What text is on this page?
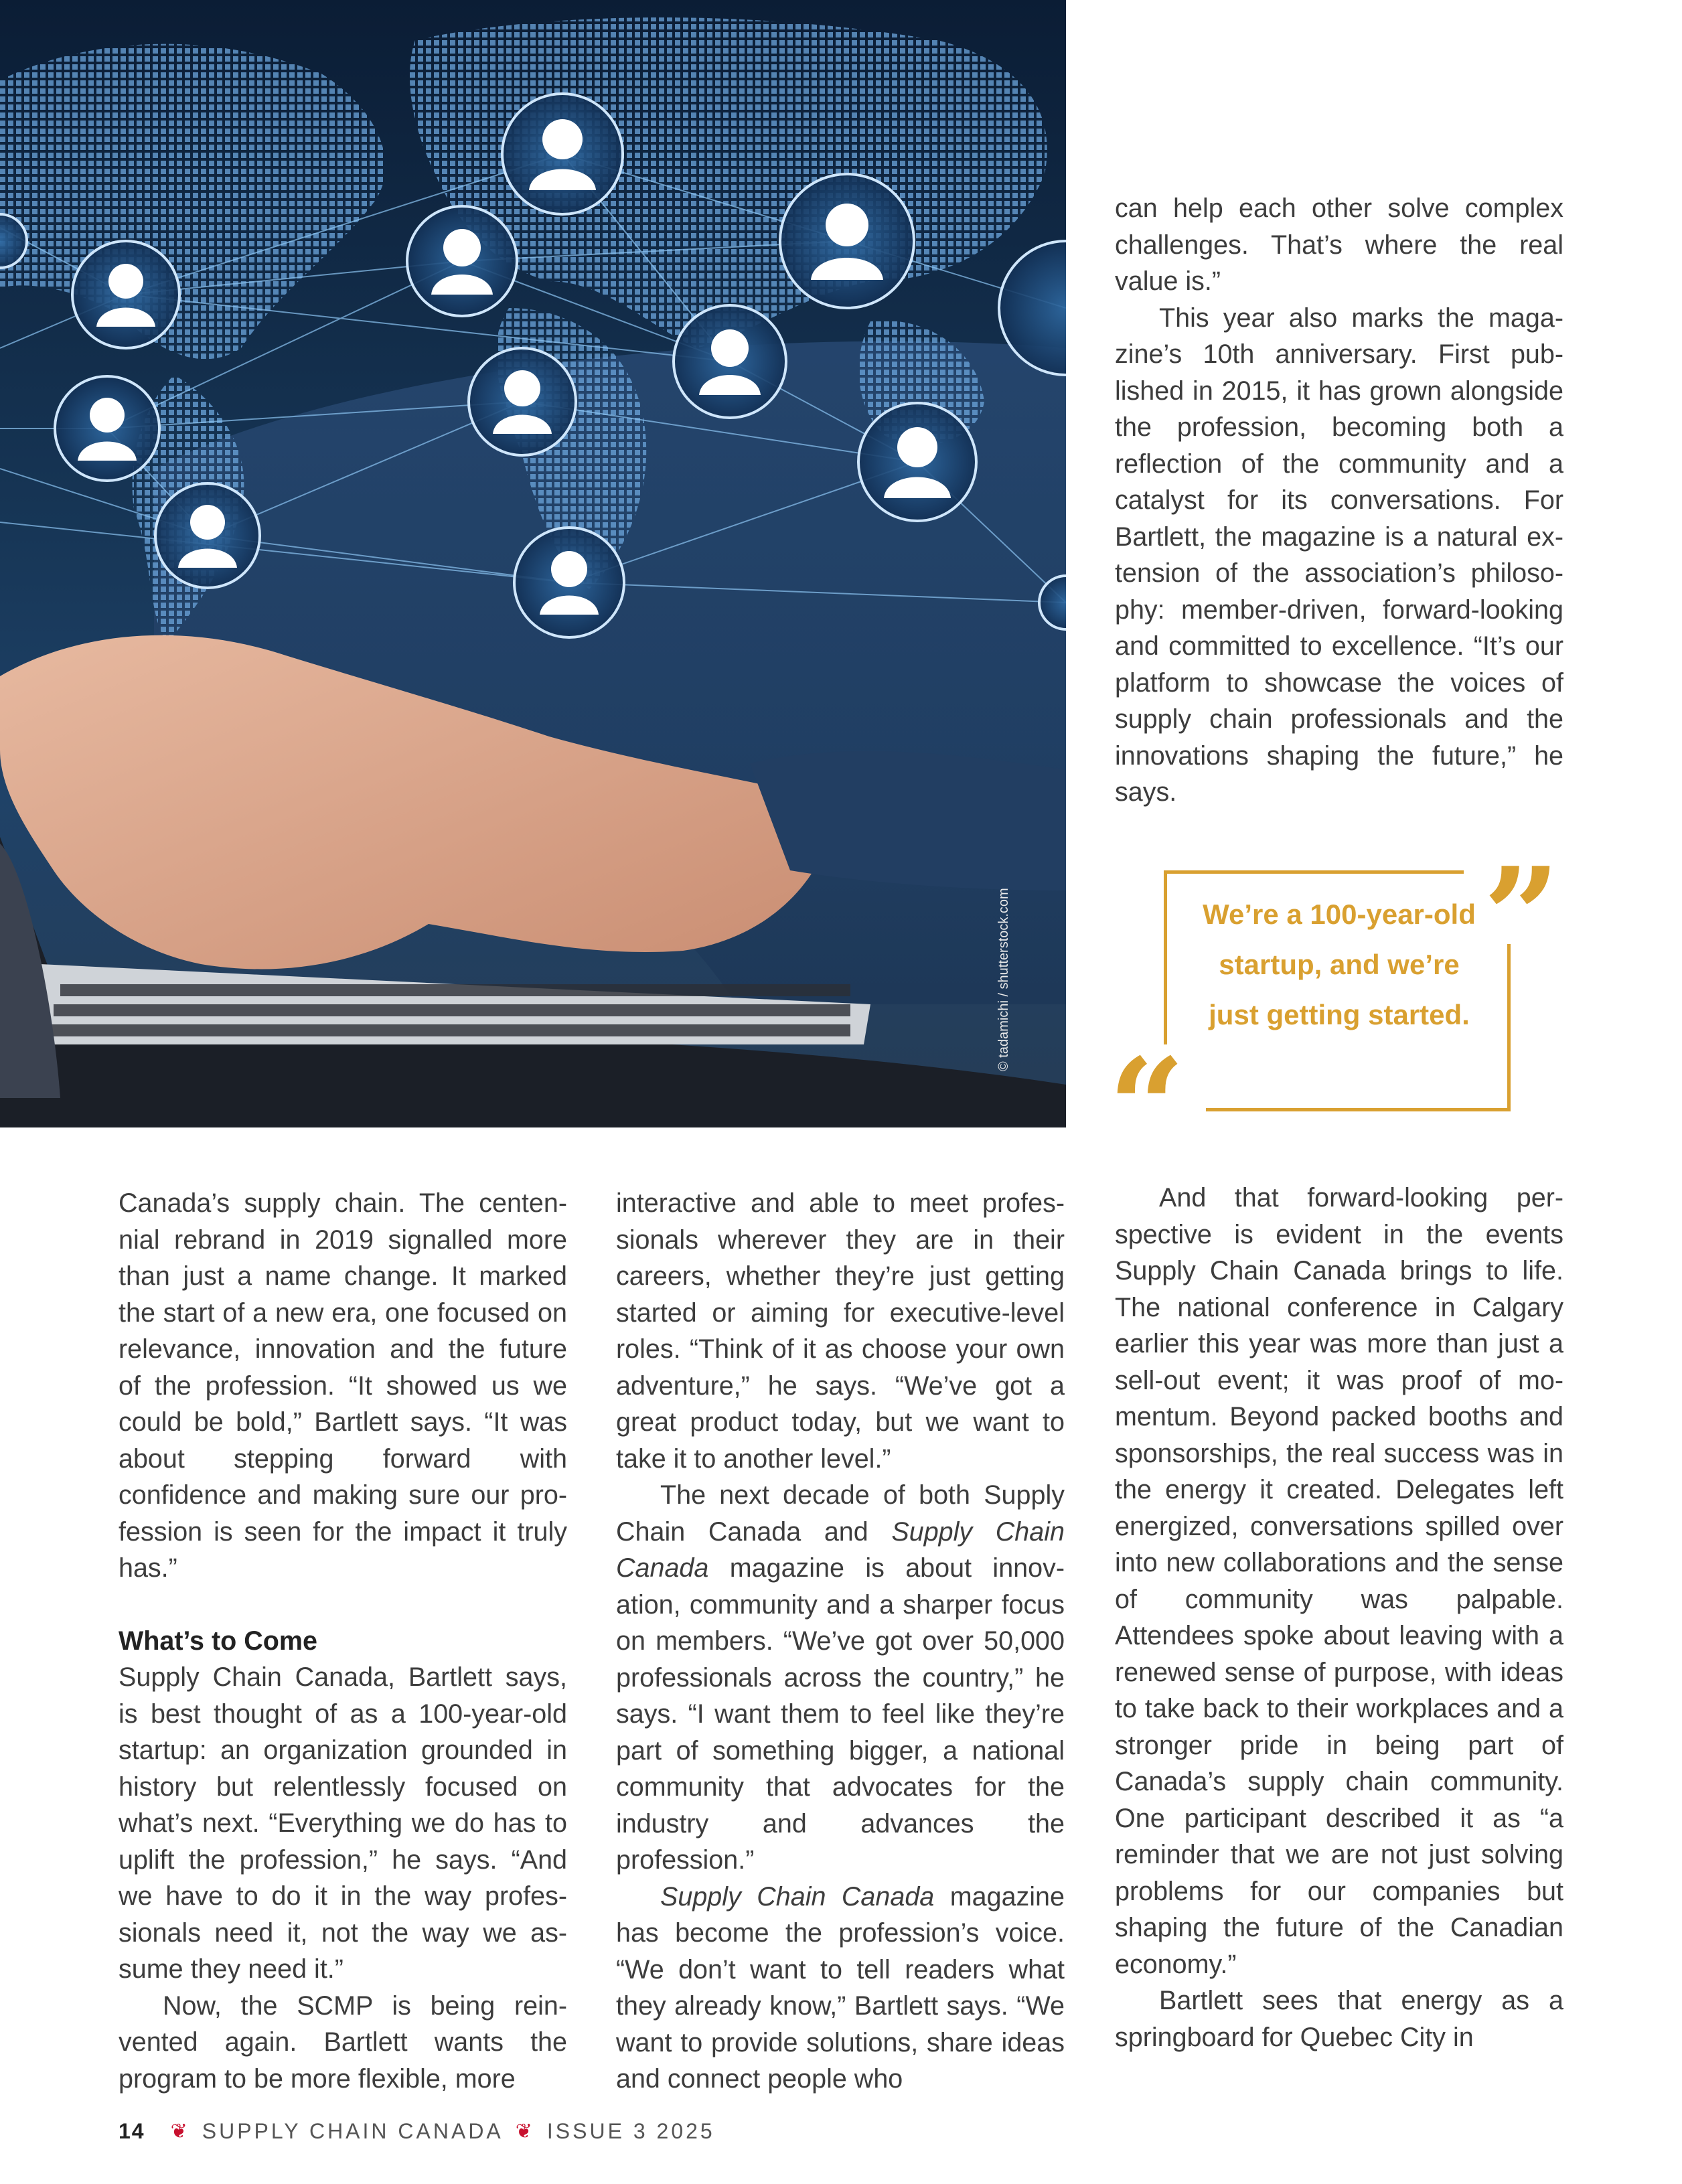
© tadamichi / shutterstock.com

can help each other solve complex challenges. That’s where the real value is.”

This year also marks the magazine’s 10th anniversary. First published in 2015, it has grown alongside the profession, becoming both a reflection of the community and a catalyst for its conversations. For Bartlett, the magazine is a natural extension of the association’s philosophy: member-driven, forward-looking and committed to excellence. “It’s our platform to showcase the voices of supply chain professionals and the innovations shaping the future,” he says.

”
“
We’re a 100-year-old startup, and we’re just getting started.

Canada’s supply chain. The centennial rebrand in 2019 signalled more than just a name change. It marked the start of a new era, one focused on relevance, innovation and the future of the profession. “It showed us we could be bold,” Bartlett says. “It was about stepping forward with confidence and making sure our profession is seen for the impact it truly has.”

What’s to Come

Supply Chain Canada, Bartlett says, is best thought of as a 100-year-old startup: an organization grounded in history but relentlessly focused on what’s next. “Everything we do has to uplift the profession,” he says. “And we have to do it in the way professionals need it, not the way we assume they need it.”

Now, the SCMP is being reinvented again. Bartlett wants the program to be more flexible, more

interactive and able to meet professionals wherever they are in their careers, whether they’re just getting started or aiming for executive-level roles. “Think of it as choose your own adventure,” he says. “We’ve got a great product today, but we want to take it to another level.”

The next decade of both Supply Chain Canada and Supply Chain Canada magazine is about innovation, community and a sharper focus on members. “We’ve got over 50,000 professionals across the country,” he says. “I want them to feel like they’re part of something bigger, a national community that advocates for the industry and advances the profession.”

Supply Chain Canada magazine has become the profession’s voice. “We don’t want to tell readers what they already know,” Bartlett says. “We want to provide solutions, share ideas and connect people who

And that forward-looking perspective is evident in the events Supply Chain Canada brings to life. The national conference in Calgary earlier this year was more than just a sell-out event; it was proof of momentum. Beyond packed booths and sponsorships, the real success was in the energy it created. Delegates left energized, conversations spilled over into new collaborations and the sense of community was palpable. Attendees spoke about leaving with a renewed sense of purpose, with ideas to take back to their workplaces and a stronger pride in being part of Canada’s supply chain community. One participant described it as “a reminder that we are not just solving problems for our companies but shaping the future of the Canadian economy.”

Bartlett sees that energy as a springboard for Quebec City in

14 ❦ SUPPLY CHAIN CANADA ❦ ISSUE 3 2025
